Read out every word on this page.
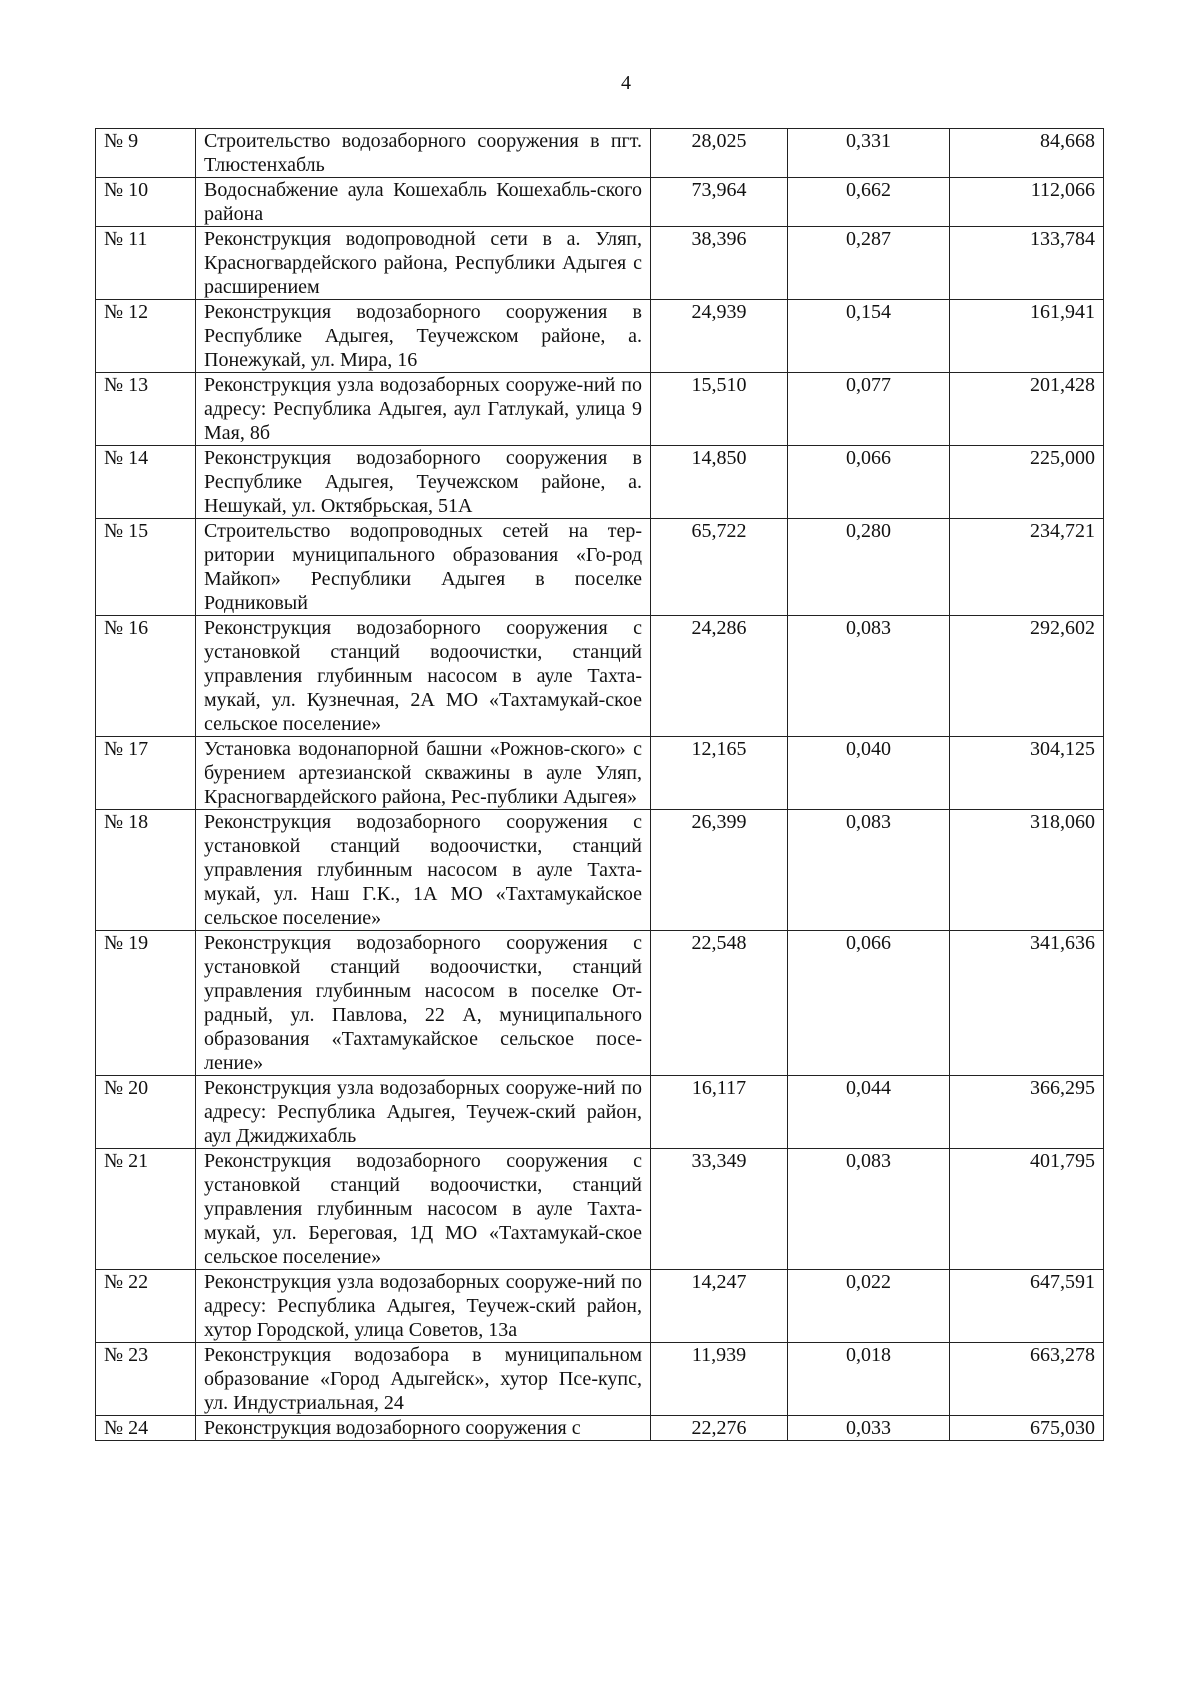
4
№ 9	Строительство водозаборного сооружения в пгт. Тлюстенхабль	28,025	0,331	84,668
№ 10	Водоснабжение аула Кошехабль Кошехабль-ского района	73,964	0,662	112,066
№ 11	Реконструкция водопроводной сети в а. Уляп, Красногвардейского района, Республики Адыгея с расширением	38,396	0,287	133,784
№ 12	Реконструкция водозаборного сооружения в Республике Адыгея, Теучежском районе, а. Понежукай, ул. Мира, 16	24,939	0,154	161,941
№ 13	Реконструкция узла водозаборных сооруже-ний по адресу: Республика Адыгея, аул Гатлукай, улица 9 Мая, 8б	15,510	0,077	201,428
№ 14	Реконструкция водозаборного сооружения в Республике Адыгея, Теучежском районе, а. Нешукай, ул. Октябрьская, 51А	14,850	0,066	225,000
№ 15	Строительство водопроводных сетей на тер-ритории муниципального образования «Го-род Майкоп» Республики Адыгея в поселке Родниковый	65,722	0,280	234,721
№ 16	Реконструкция водозаборного сооружения с установкой станций водоочистки, станций управления глубинным насосом в ауле Тахта-мукай, ул. Кузнечная, 2А МО «Тахтамукай-ское сельское поселение»	24,286	0,083	292,602
№ 17	Установка водонапорной башни «Рожнов-ского» с бурением артезианской скважины в ауле Уляп, Красногвардейского района, Рес-публики Адыгея»	12,165	0,040	304,125
№ 18	Реконструкция водозаборного сооружения с установкой станций водоочистки, станций управления глубинным насосом в ауле Тахта-мукай, ул. Наш Г.К., 1А МО «Тахтамукайское сельское поселение»	26,399	0,083	318,060
№ 19	Реконструкция водозаборного сооружения с установкой станций водоочистки, станций управления глубинным насосом в поселке От-радный, ул. Павлова, 22 А, муниципального образования «Тахтамукайское сельское посе-ление»	22,548	0,066	341,636
№ 20	Реконструкция узла водозаборных сооруже-ний по адресу: Республика Адыгея, Теучеж-ский район, аул Джиджихабль	16,117	0,044	366,295
№ 21	Реконструкция водозаборного сооружения с установкой станций водоочистки, станций управления глубинным насосом в ауле Тахта-мукай, ул. Береговая, 1Д МО «Тахтамукай-ское сельское поселение»	33,349	0,083	401,795
№ 22	Реконструкция узла водозаборных сооруже-ний по адресу: Республика Адыгея, Теучеж-ский район, хутор Городской, улица Советов, 13а	14,247	0,022	647,591
№ 23	Реконструкция водозабора в муниципальном образование «Город Адыгейск», хутор Псе-купс, ул. Индустриальная, 24	11,939	0,018	663,278
№ 24	Реконструкция водозаборного сооружения с	22,276	0,033	675,030
